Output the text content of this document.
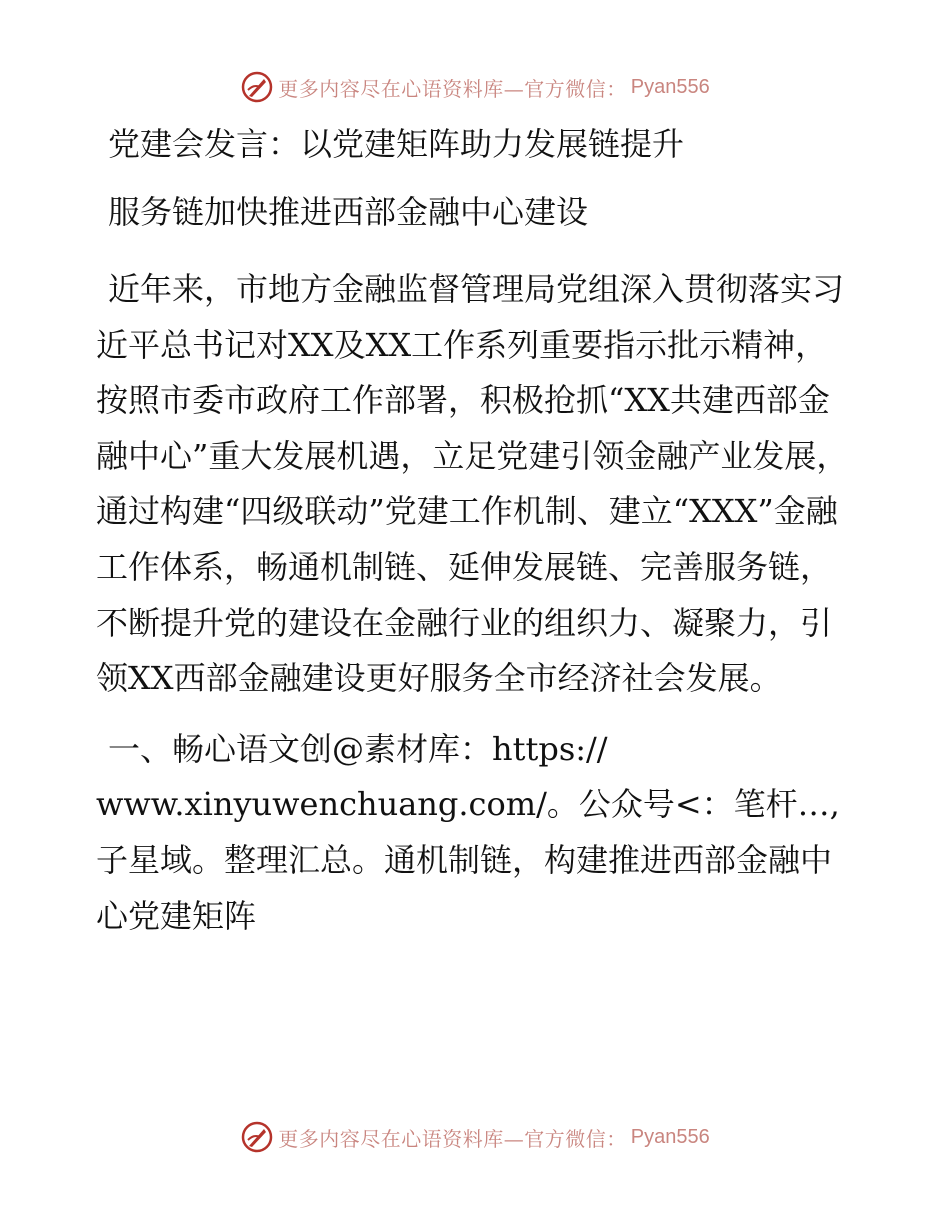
更多内容尽在心语资料库—官方微信： Pyan556

党建会发言：以党建矩阵助力发展链提升

服务链加快推进西部金融中心建设

近年来，市地方金融监督管理局党组深入贯彻落实习近平总书记对XX及XX工作系列重要指示批示精神，按照市委市政府工作部署，积极抢抓“XX共建西部金融中心”重大发展机遇，立足党建引领金融产业发展，通过构建“四级联动”党建工作机制、建立“XXX”金融工作体系，畅通机制链、延伸发展链、完善服务链，不断提升党的建设在金融行业的组织力、凝聚力，引领XX西部金融建设更好服务全市经济社会发展。

一、畅心语文创@素材库：https://
www.xinyuwenchuang.com/。公众号<：笔杆…,子星域。整理汇总。通机制链，构建推进西部金融中心党建矩阵
更多内容尽在心语资料库—官方微信： Pyan556
